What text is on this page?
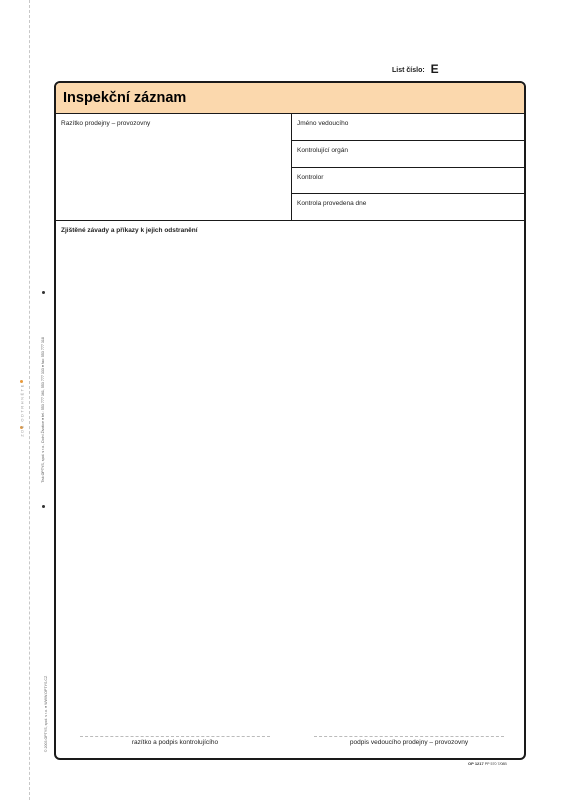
ZDE ODTRHNĚTE	Tisk OPTYS, spol. s r.o., Dolní Životice ● tel.: 553 777 361, 553 777 333 ● fax: 553 777 318
© 2003 OPTYS, spol. s r.o. ● WWW.OPTYS.CZ
List číslo: E
Inspekční záznam
Razítko prodejny – provozovny	Jméno vedoucího
Kontrolující orgán
Kontrolor
Kontrola provedena dne
Zjištěné závady a příkazy k jejich odstranění
razítko a podpis kontrolujícího	podpis vedoucího prodejny – provozovny
OP 1217 PP 570 7/08B
